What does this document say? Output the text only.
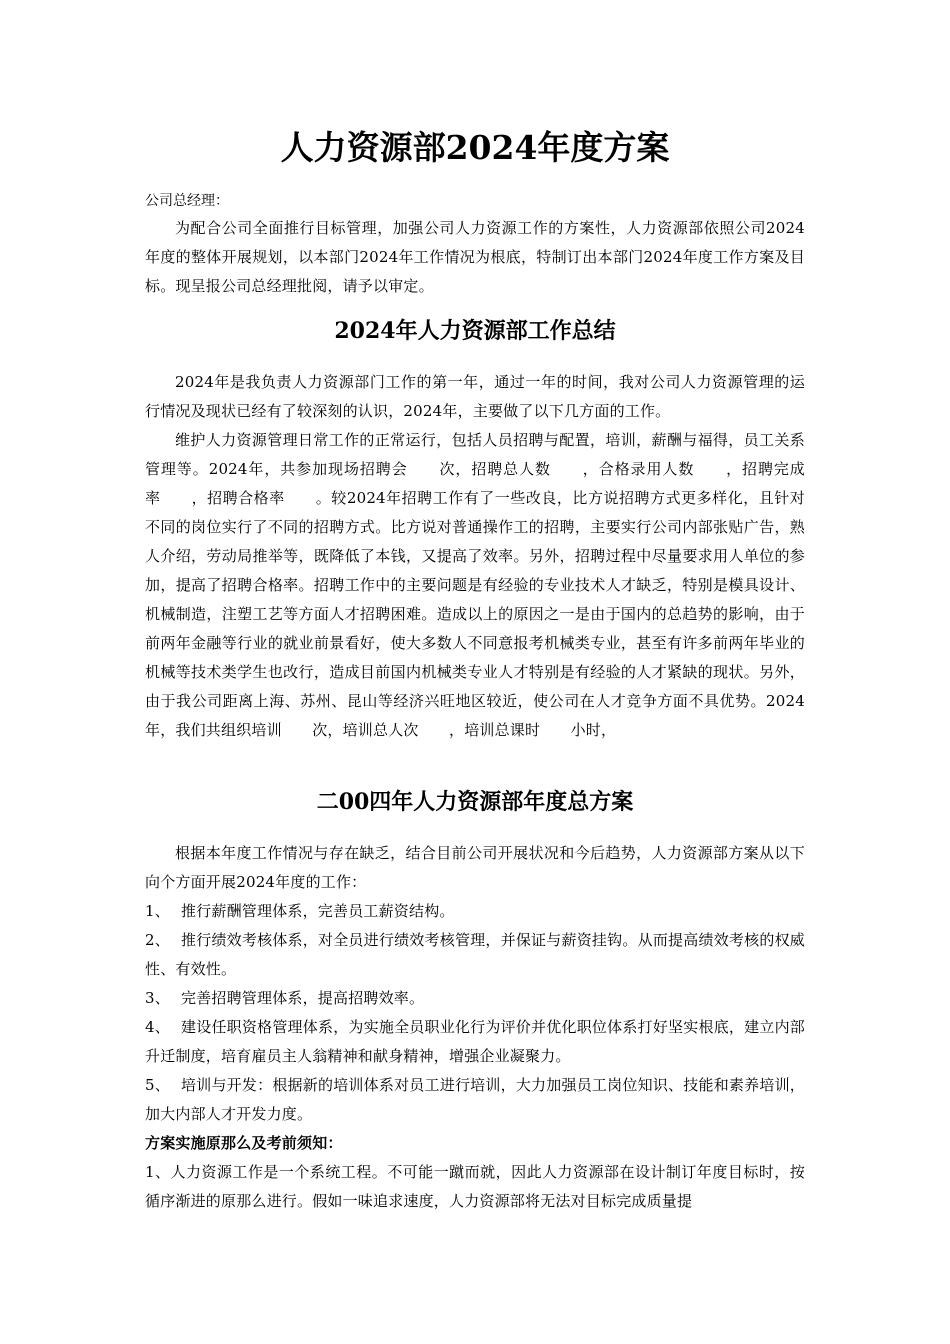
人力资源部2024年度方案

公司总经理：

为配合公司全面推行目标管理，加强公司人力资源工作的方案性，人力资源部依照公司2024年度的整体开展规划，以本部门2024年工作情况为根底，特制订出本部门2024年度工作方案及目标。现呈报公司总经理批阅，请予以审定。

2024年人力资源部工作总结

2024年是我负责人力资源部门工作的第一年，通过一年的时间，我对公司人力资源管理的运行情况及现状已经有了较深刻的认识，2024年，主要做了以下几方面的工作。

维护人力资源管理日常工作的正常运行，包括人员招聘与配置，培训，薪酬与福得，员工关系管理等。2024年，共参加现场招聘会　　次，招聘总人数　　，合格录用人数　　，招聘完成率　　，招聘合格率　　。较2024年招聘工作有了一些改良，比方说招聘方式更多样化，且针对不同的岗位实行了不同的招聘方式。比方说对普通操作工的招聘，主要实行公司内部张贴广告，熟人介绍，劳动局推举等，既降低了本钱，又提高了效率。另外，招聘过程中尽量要求用人单位的参加，提高了招聘合格率。招聘工作中的主要问题是有经验的专业技术人才缺乏，特别是模具设计、机械制造，注塑工艺等方面人才招聘困难。造成以上的原因之一是由于国内的总趋势的影响，由于前两年金融等行业的就业前景看好，使大多数人不同意报考机械类专业，甚至有许多前两年毕业的机械等技术类学生也改行，造成目前国内机械类专业人才特别是有经验的人才紧缺的现状。另外，由于我公司距离上海、苏州、昆山等经济兴旺地区较近，使公司在人才竞争方面不具优势。2024年，我们共组织培训　　次，培训总人次　　，培训总课时　　小时，

二00四年人力资源部年度总方案

根据本年度工作情况与存在缺乏，结合目前公司开展状况和今后趋势，人力资源部方案从以下向个方面开展2024年度的工作：

1、 推行薪酬管理体系，完善员工薪资结构。

2、 推行绩效考核体系，对全员进行绩效考核管理，并保证与薪资挂钩。从而提高绩效考核的权威性、有效性。

3、 完善招聘管理体系，提高招聘效率。

4、 建设任职资格管理体系，为实施全员职业化行为评价并优化职位体系打好坚实根底，建立内部升迁制度，培育雇员主人翁精神和献身精神，增强企业凝聚力。

5、 培训与开发：根据新的培训体系对员工进行培训，大力加强员工岗位知识、技能和素养培训，加大内部人才开发力度。

方案实施原那么及考前须知：

1、人力资源工作是一个系统工程。不可能一蹴而就，因此人力资源部在设计制订年度目标时，按循序渐进的原那么进行。假如一味追求速度，人力资源部将无法对目标完成质量提
